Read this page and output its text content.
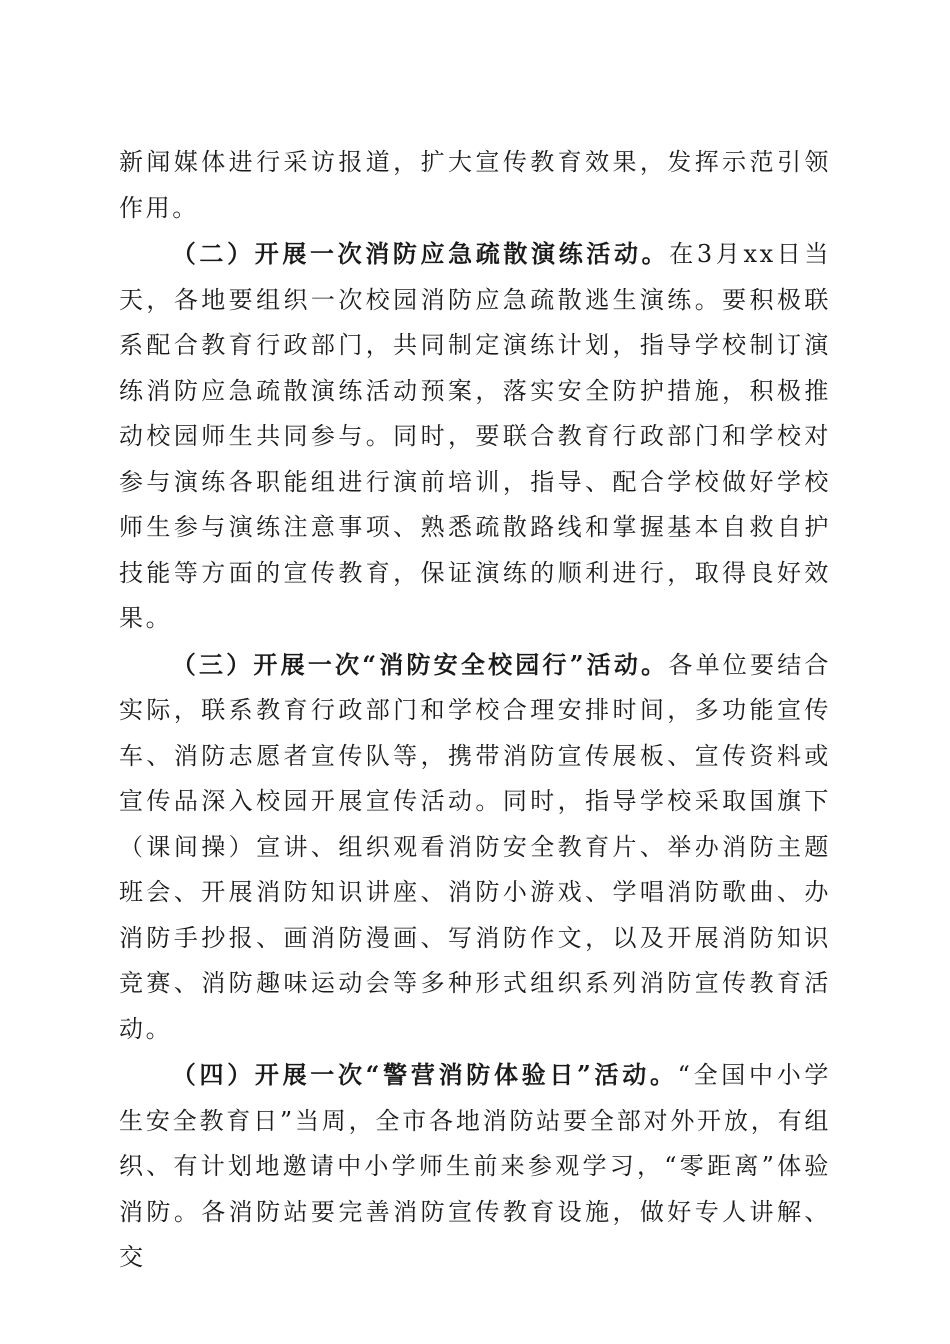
新闻媒体进行采访报道，扩大宣传教育效果，发挥示范引领作用。

（二）开展一次消防应急疏散演练活动。在3月xx日当天，各地要组织一次校园消防应急疏散逃生演练。要积极联系配合教育行政部门，共同制定演练计划，指导学校制订演练消防应急疏散演练活动预案，落实安全防护措施，积极推动校园师生共同参与。同时，要联合教育行政部门和学校对参与演练各职能组进行演前培训，指导、配合学校做好学校师生参与演练注意事项、熟悉疏散路线和掌握基本自救自护技能等方面的宣传教育，保证演练的顺利进行，取得良好效果。

（三）开展一次“消防安全校园行”活动。各单位要结合实际，联系教育行政部门和学校合理安排时间，多功能宣传车、消防志愿者宣传队等，携带消防宣传展板、宣传资料或宣传品深入校园开展宣传活动。同时，指导学校采取国旗下（课间操）宣讲、组织观看消防安全教育片、举办消防主题班会、开展消防知识讲座、消防小游戏、学唱消防歌曲、办消防手抄报、画消防漫画、写消防作文，以及开展消防知识竞赛、消防趣味运动会等多种形式组织系列消防宣传教育活动。

（四）开展一次“警营消防体验日”活动。“全国中小学生安全教育日”当周，全市各地消防站要全部对外开放，有组织、有计划地邀请中小学师生前来参观学习，“零距离”体验消防。各消防站要完善消防宣传教育设施，做好专人讲解、交
